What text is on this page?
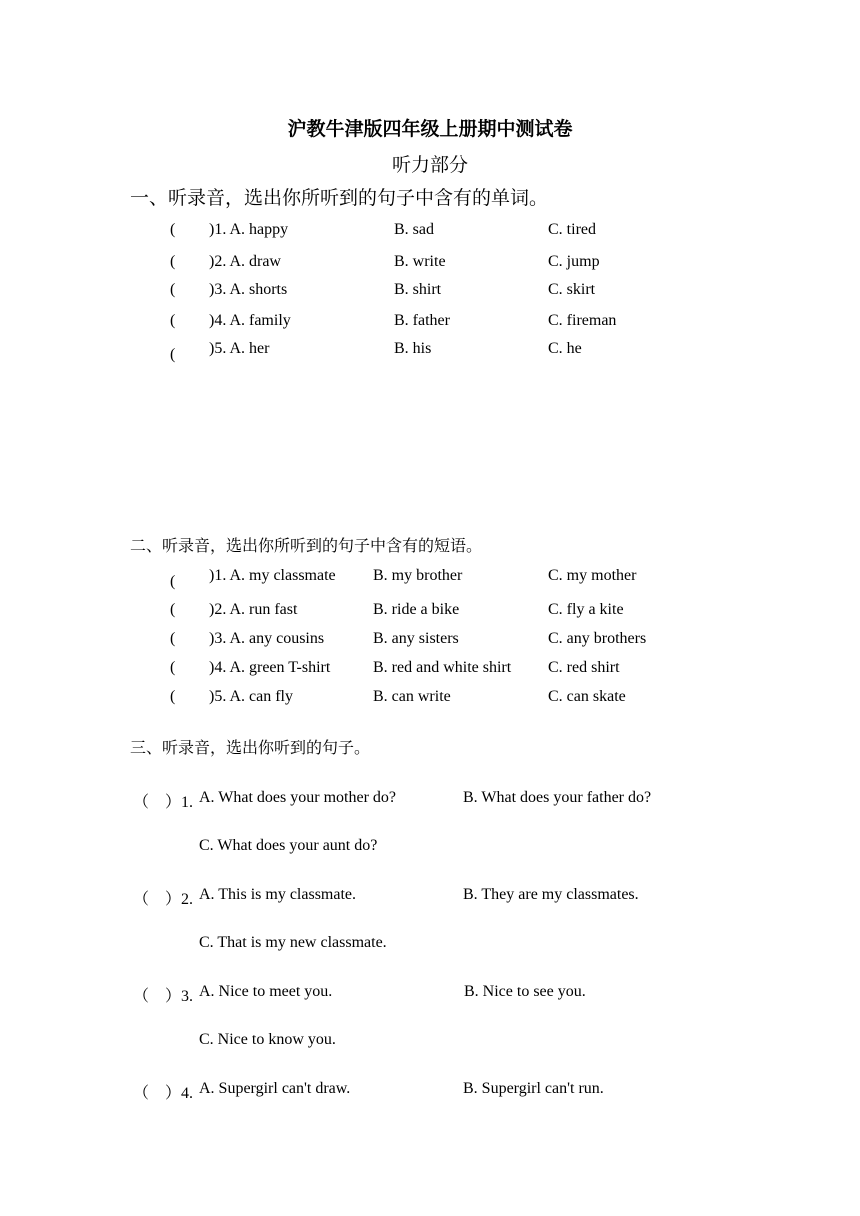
沪教牛津版四年级上册期中测试卷
听力部分
一、听录音，选出你所听到的句子中含有的单词。
( )1. A. happy	B. sad	C. tired
( )2. A. draw	B. write	C. jump
( )3. A. shorts	B. shirt	C. skirt
( )4. A. family	B. father	C. fireman
( )5. A. her	B. his	C. he
二、听录音，选出你所听到的句子中含有的短语。
( )1. A. my classmate B. my brother	C. my mother
( )2. A. run fast	B. ride a bike	C. fly a kite
( )3. A. any cousins	B. any sisters	C. any brothers
( )4. A. green T-shirt	B. red and white shirt C. red shirt
( )5. A. can fly	B. can write	C. can skate
三、听录音，选出你听到的句子。
（　）1. A. What does your mother do?	B. What does your father do?
C. What does your aunt do?
（　）2. A. This is my classmate.	B. They are my classmates.
C. That is my new classmate.
（　）3. A. Nice to meet you.	B. Nice to see you.
C. Nice to know you.
（　）4. A. Supergirl can't draw.	B. Supergirl can't run.
